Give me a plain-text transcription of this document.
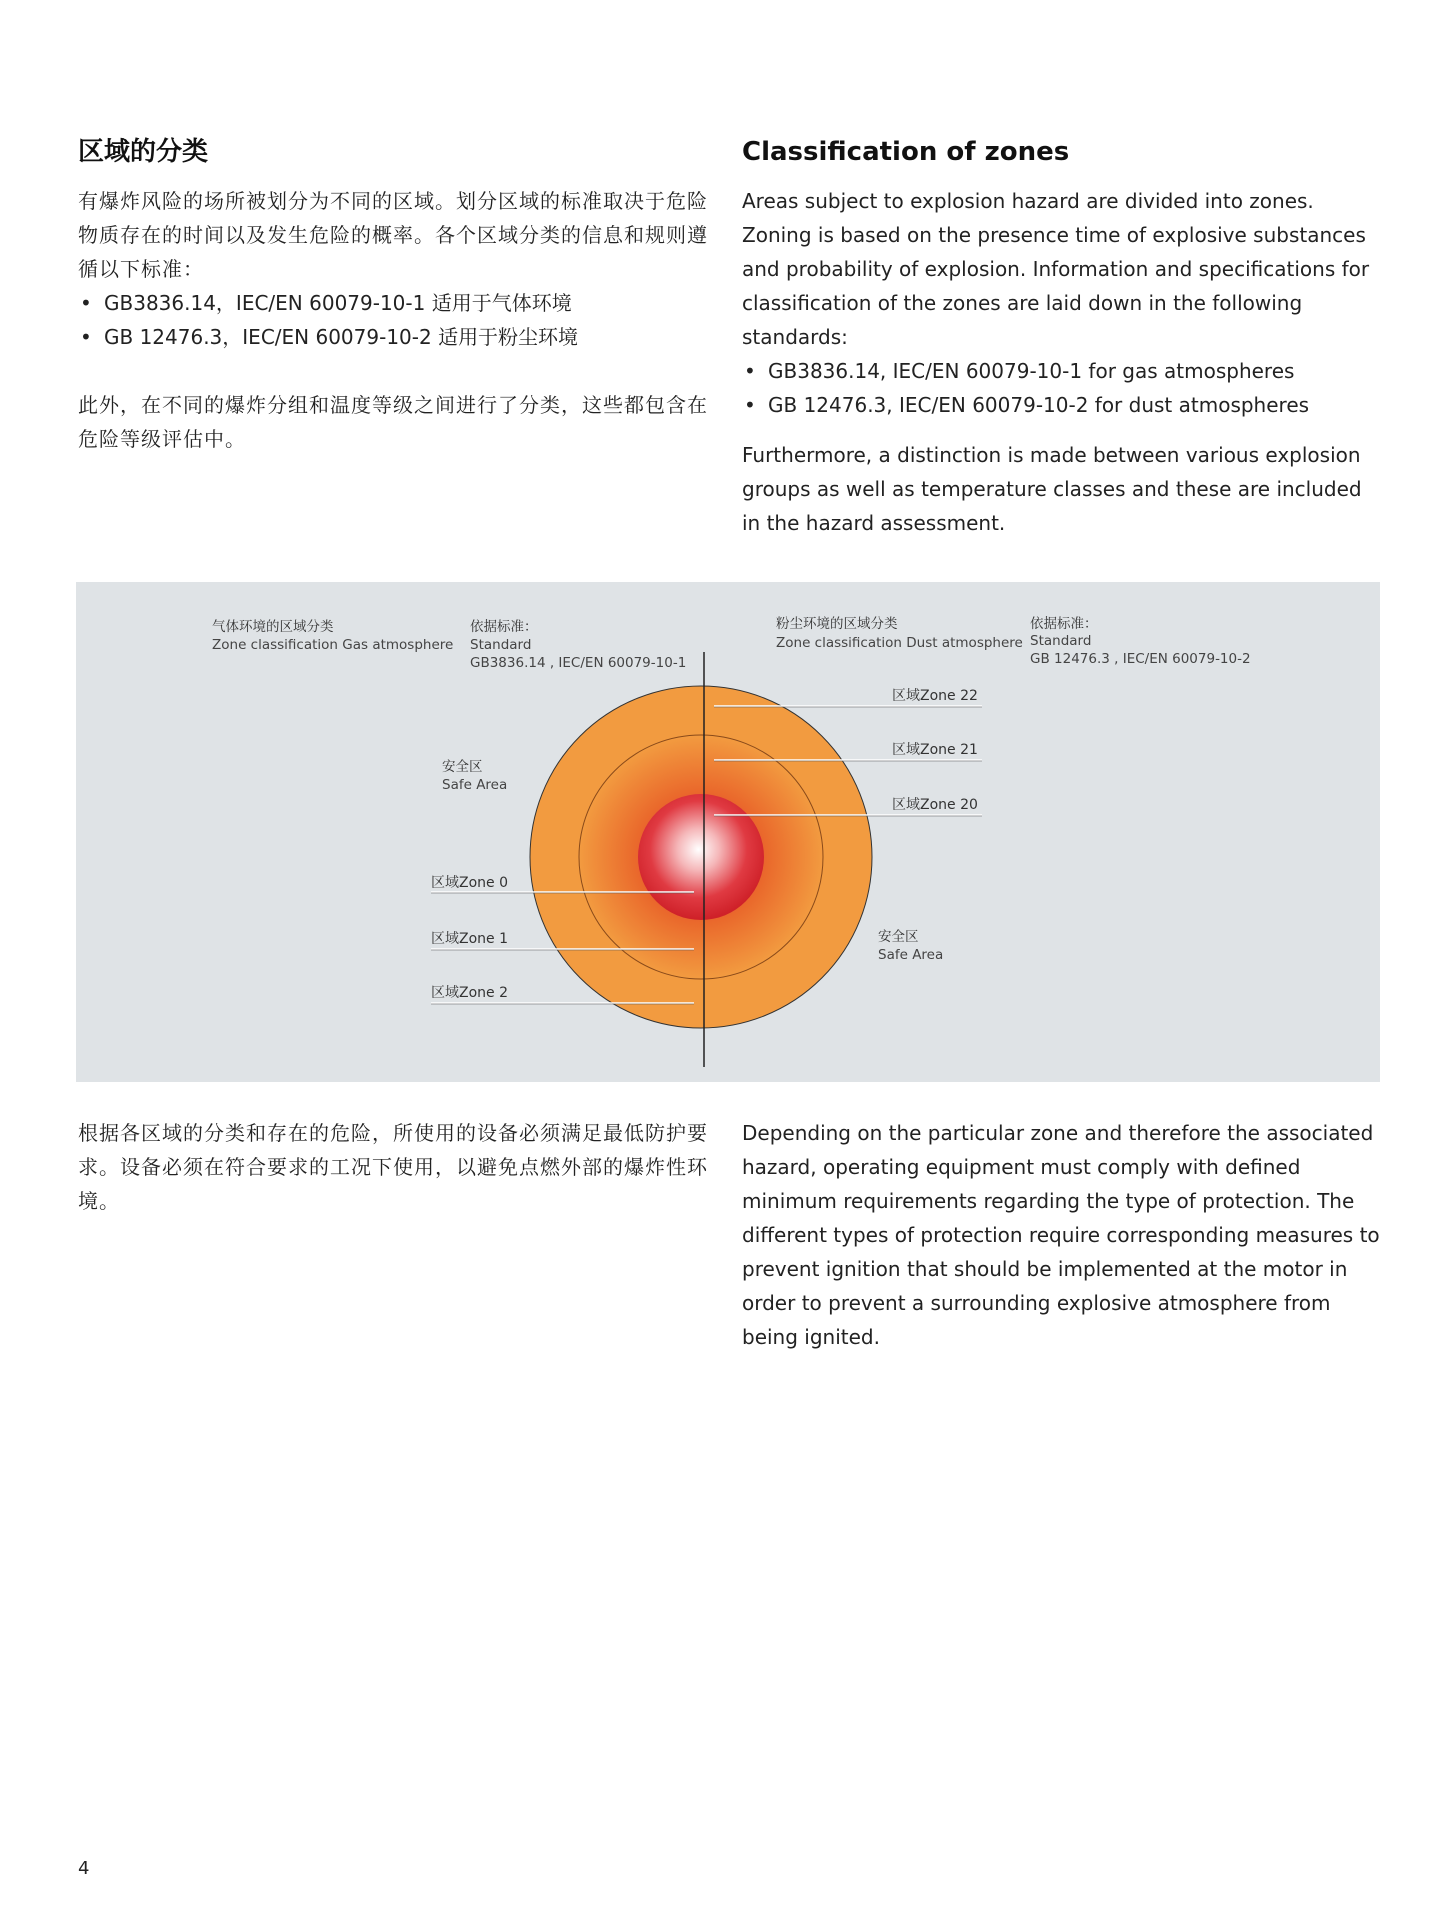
区域的分类

有爆炸风险的场所被划分为不同的区域。划分区域的标准取决于危险物质存在的时间以及发生危险的概率。各个区域分类的信息和规则遵循以下标准：

• GB3836.14，IEC/EN 60079-10-1 适用于气体环境
• GB 12476.3，IEC/EN 60079-10-2 适用于粉尘环境

此外，在不同的爆炸分组和温度等级之间进行了分类，这些都包含在危险等级评估中。

Classification of zones

Areas subject to explosion hazard are divided into zones. Zoning is based on the presence time of explosive substances and probability of explosion. Information and specifications for classification of the zones are laid down in the following standards:

• GB3836.14, IEC/EN 60079-10-1 for gas atmospheres
• GB 12476.3, IEC/EN 60079-10-2 for dust atmospheres

Furthermore, a distinction is made between various explosion groups as well as temperature classes and these are included in the hazard assessment.

气体环境的区域分类
Zone classification Gas atmosphere
依据标准：
Standard
GB3836.14 , IEC/EN 60079-10-1
粉尘环境的区域分类
Zone classification Dust atmosphere
依据标准：
Standard
GB 12476.3 , IEC/EN 60079-10-2
安全区
Safe Area
安全区
Safe Area
区域Zone 0
区域Zone 1
区域Zone 2
区域Zone 22
区域Zone 21
区域Zone 20

根据各区域的分类和存在的危险，所使用的设备必须满足最低防护要求。设备必须在符合要求的工况下使用，以避免点燃外部的爆炸性环境。

Depending on the particular zone and therefore the associated hazard, operating equipment must comply with defined minimum requirements regarding the type of protection. The different types of protection require corresponding measures to prevent ignition that should be implemented at the motor in order to prevent a surrounding explosive atmosphere from being ignited.

4
